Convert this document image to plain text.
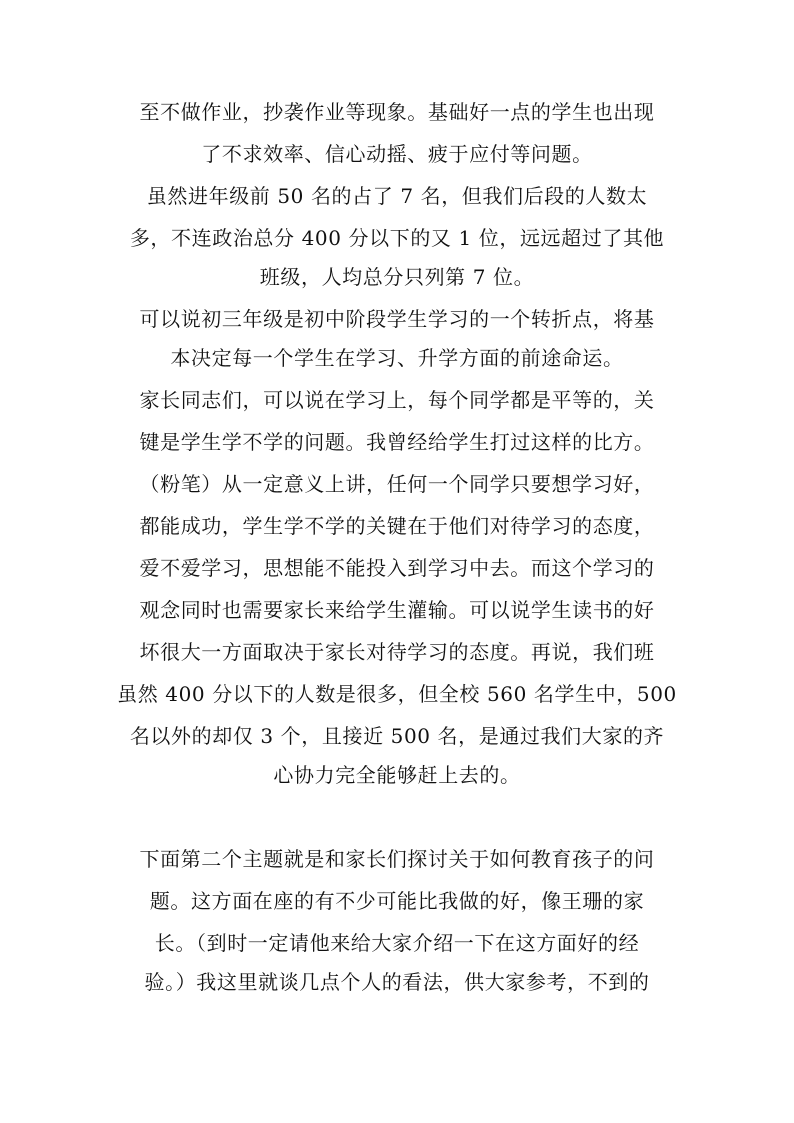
至不做作业，抄袭作业等现象。基础好一点的学生也出现
了不求效率、信心动摇、疲于应付等问题。
虽然进年级前 50 名的占了 7 名，但我们后段的人数太
多，不连政治总分 400 分以下的又 1 位，远远超过了其他
班级，人均总分只列第 7 位。
可以说初三年级是初中阶段学生学习的一个转折点，将基
本决定每一个学生在学习、升学方面的前途命运。
家长同志们，可以说在学习上，每个同学都是平等的，关
键是学生学不学的问题。我曾经给学生打过这样的比方。
（粉笔）从一定意义上讲，任何一个同学只要想学习好，
都能成功，学生学不学的关键在于他们对待学习的态度，
爱不爱学习，思想能不能投入到学习中去。而这个学习的
观念同时也需要家长来给学生灌输。可以说学生读书的好
坏很大一方面取决于家长对待学习的态度。再说，我们班
虽然 400 分以下的人数是很多，但全校 560 名学生中，500
名以外的却仅 3 个，且接近 500 名，是通过我们大家的齐
心协力完全能够赶上去的。
下面第二个主题就是和家长们探讨关于如何教育孩子的问
题。这方面在座的有不少可能比我做的好，像王珊的家
长。（到时一定请他来给大家介绍一下在这方面好的经
验。）我这里就谈几点个人的看法，供大家参考，不到的
